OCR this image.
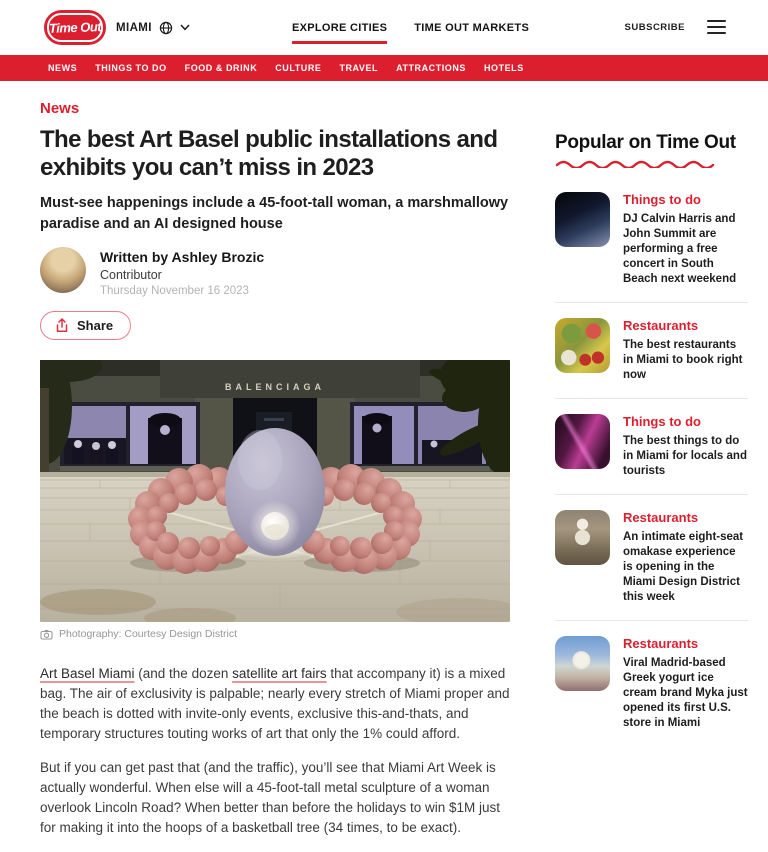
Time Out MIAMI	EXPLORE CITIES TIME OUT MARKETS	SUBSCRIBE
NEWS THINGS TO DO FOOD & DRINK CULTURE TRAVEL ATTRACTIONS HOTELS
News
The best Art Basel public installations and exhibits you can’t miss in 2023
Must-see happenings include a 45-foot-tall woman, a marshmallowy paradise and an AI designed house
Written by Ashley Brozic
Contributor
Thursday November 16 2023
Share
BALENCIAGA
Photography: Courtesy Design District

Art Basel Miami (and the dozen satellite art fairs that accompany it) is a mixed bag. The air of exclusivity is palpable; nearly every stretch of Miami proper and the beach is dotted with invite-only events, exclusive this-and-thats, and temporary structures touting works of art that only the 1% could afford.

But if you can get past that (and the traffic), you’ll see that Miami Art Week is actually wonderful. When else will a 45-foot-tall metal sculpture of a woman overlook Lincoln Road? When better than before the holidays to win $1M just for making it into the hoops of a basketball tree (34 times, to be exact).

Popular on Time Out
Things to do
DJ Calvin Harris and John Summit are performing a free concert in South Beach next weekend
Restaurants
The best restaurants in Miami to book right now
Things to do
The best things to do in Miami for locals and tourists
Restaurants
An intimate eight-seat omakase experience is opening in the Miami Design District this week
Restaurants
Viral Madrid-based Greek yogurt ice cream brand Myka just opened its first U.S. store in Miami
